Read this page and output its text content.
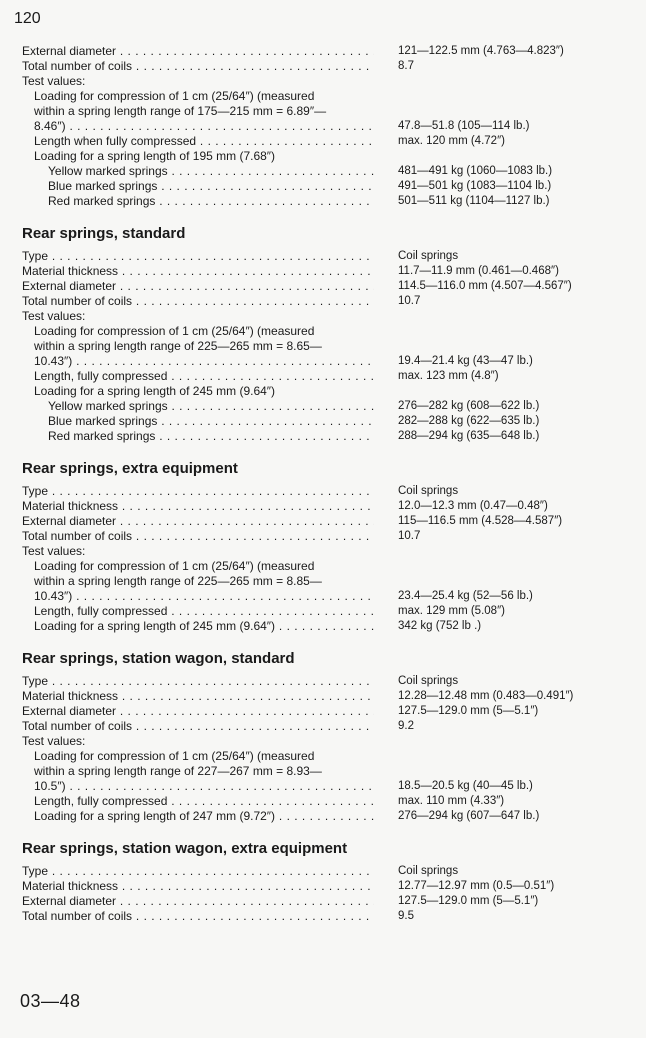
120
External diameter . . .	121—122.5 mm (4.763—4.823″)
Total number of coils . . .	8.7
Test values:
Loading for compression of 1 cm (25/64″) (measured
within a spring length range of 175—215 mm = 6.89″—
8.46″) . . .	47.8—51.8 (105—114 lb.)
Length when fully compressed . . .	max. 120 mm (4.72″)
Loading for a spring length of 195 mm (7.68″)
Yellow marked springs . . .	481—491 kg (1060—1083 lb.)
Blue marked springs . . .	491—501 kg (1083—1104 lb.)
Red marked springs . . .	501—511 kg (1104—1127 lb.)
Rear springs, standard
Type . . .	Coil springs
Material thickness . . .	11.7—11.9 mm (0.461—0.468″)
External diameter . . .	114.5—116.0 mm (4.507—4.567″)
Total number of coils . . .	10.7
Test values:
Loading for compression of 1 cm (25/64″) (measured
within a spring length range of 225—265 mm = 8.65—
10.43″) . . .	19.4—21.4 kg (43—47 lb.)
Length, fully compressed . . .	max. 123 mm (4.8″)
Loading for a spring length of 245 mm (9.64″)
Yellow marked springs . . .	276—282 kg (608—622 lb.)
Blue marked springs . . .	282—288 kg (622—635 lb.)
Red marked springs . . .	288—294 kg (635—648 lb.)
Rear springs, extra equipment
Type . . .	Coil springs
Material thickness . . .	12.0—12.3 mm (0.47—0.48″)
External diameter . . .	115—116.5 mm (4.528—4.587″)
Total number of coils . . .	10.7
Test values:
Loading for compression of 1 cm (25/64″) (measured
within a spring length range of 225—265 mm = 8.85—
10.43″) . . .	23.4—25.4 kg (52—56 lb.)
Length, fully compressed . . .	max. 129 mm (5.08″)
Loading for a spring length of 245 mm (9.64″) . . .	342 kg (752 lb .)
Rear springs, station wagon, standard
Type . . .	Coil springs
Material thickness . . .	12.28—12.48 mm (0.483—0.491″)
External diameter . . .	127.5—129.0 mm (5—5.1″)
Total number of coils . . .	9.2
Test values:
Loading for compression of 1 cm (25/64″) (measured
within a spring length range of 227—267 mm = 8.93—
10.5″) . . .	18.5—20.5 kg (40—45 lb.)
Length, fully compressed . . .	max. 110 mm (4.33″)
Loading for a spring length of 247 mm (9.72″) . . .	276—294 kg (607—647 lb.)
Rear springs, station wagon, extra equipment
Type . . .	Coil springs
Material thickness . . .	12.77—12.97 mm (0.5—0.51″)
External diameter . . .	127.5—129.0 mm (5—5.1″)
Total number of coils . . .	9.5
03—48
